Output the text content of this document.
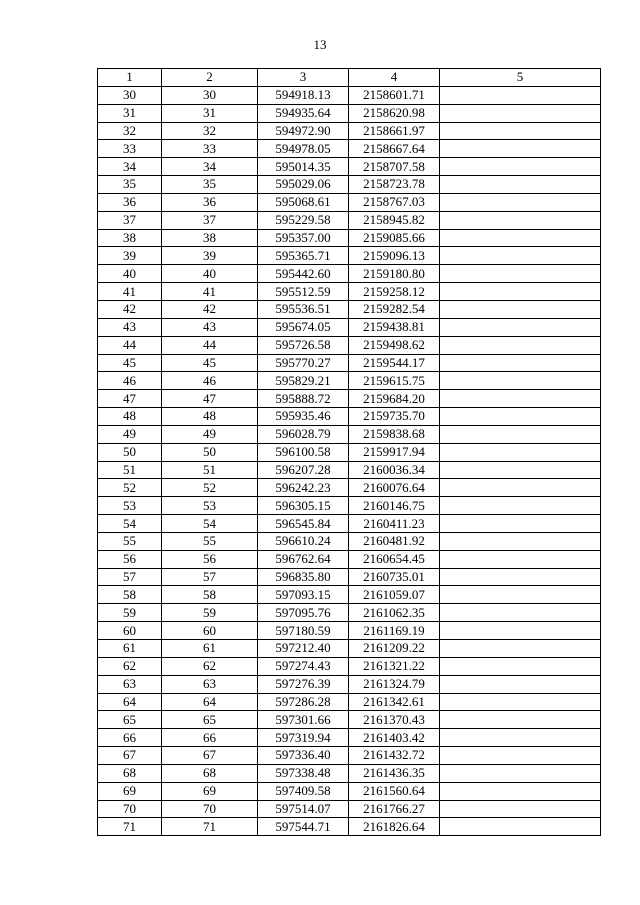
13
1	2	3	4	5
30	30	594918.13	2158601.71	
31	31	594935.64	2158620.98	
32	32	594972.90	2158661.97	
33	33	594978.05	2158667.64	
34	34	595014.35	2158707.58	
35	35	595029.06	2158723.78	
36	36	595068.61	2158767.03	
37	37	595229.58	2158945.82	
38	38	595357.00	2159085.66	
39	39	595365.71	2159096.13	
40	40	595442.60	2159180.80	
41	41	595512.59	2159258.12	
42	42	595536.51	2159282.54	
43	43	595674.05	2159438.81	
44	44	595726.58	2159498.62	
45	45	595770.27	2159544.17	
46	46	595829.21	2159615.75	
47	47	595888.72	2159684.20	
48	48	595935.46	2159735.70	
49	49	596028.79	2159838.68	
50	50	596100.58	2159917.94	
51	51	596207.28	2160036.34	
52	52	596242.23	2160076.64	
53	53	596305.15	2160146.75	
54	54	596545.84	2160411.23	
55	55	596610.24	2160481.92	
56	56	596762.64	2160654.45	
57	57	596835.80	2160735.01	
58	58	597093.15	2161059.07	
59	59	597095.76	2161062.35	
60	60	597180.59	2161169.19	
61	61	597212.40	2161209.22	
62	62	597274.43	2161321.22	
63	63	597276.39	2161324.79	
64	64	597286.28	2161342.61	
65	65	597301.66	2161370.43	
66	66	597319.94	2161403.42	
67	67	597336.40	2161432.72	
68	68	597338.48	2161436.35	
69	69	597409.58	2161560.64	
70	70	597514.07	2161766.27	
71	71	597544.71	2161826.64	
